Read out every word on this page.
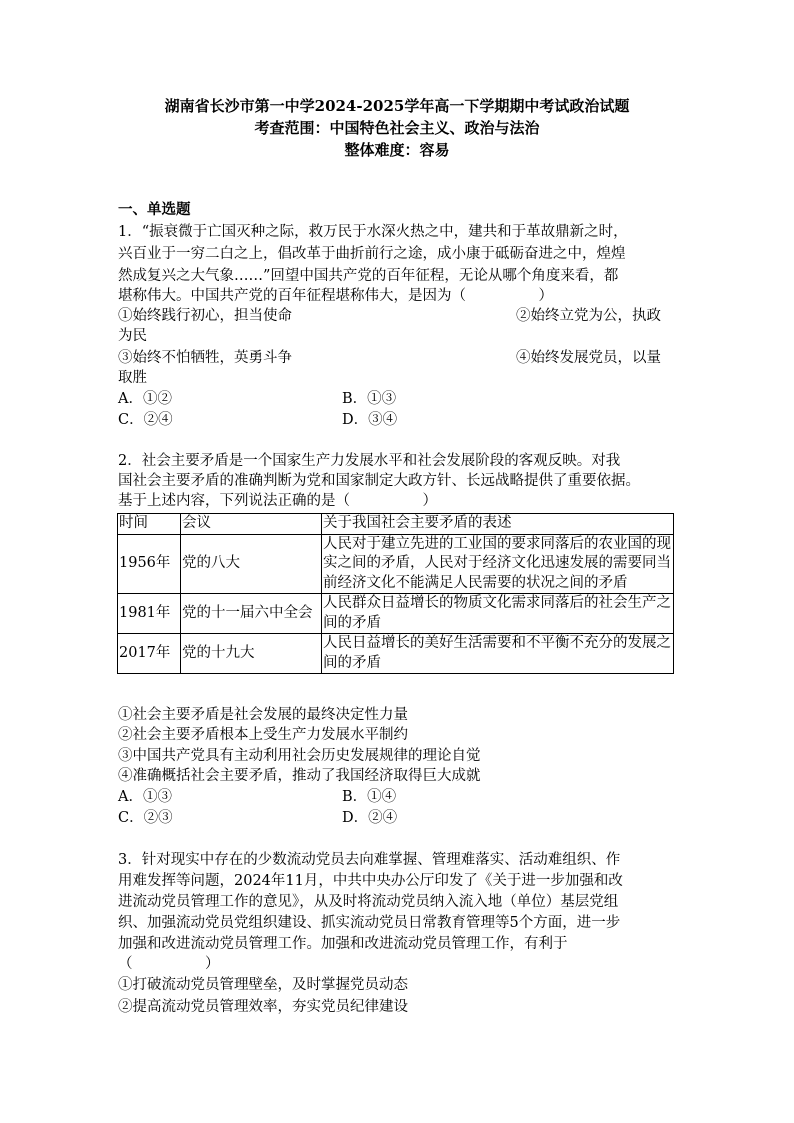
湖南省长沙市第一中学2024-2025学年高一下学期期中考试政治试题
考查范围：中国特色社会主义、政治与法治
整体难度：容易
一、单选题
1．“振衰微于亡国灭种之际，救万民于水深火热之中，建共和于革故鼎新之时，
兴百业于一穷二白之上，倡改革于曲折前行之途，成小康于砥砺奋进之中，煌煌
然成复兴之大气象……”回望中国共产党的百年征程，无论从哪个角度来看，都
堪称伟大。中国共产党的百年征程堪称伟大，是因为（　　　　　）
①始终践行初心，担当使命	②始终立党为公，执政
为民
③始终不怕牺牲，英勇斗争	④始终发展党员，以量
取胜
A．①②	B．①③
C．②④	D．③④
2．社会主要矛盾是一个国家生产力发展水平和社会发展阶段的客观反映。对我
国社会主要矛盾的准确判断为党和国家制定大政方针、长远战略提供了重要依据。
基于上述内容，下列说法正确的是（　　　　　）
时间	会议	关于我国社会主要矛盾的表述
1956年	党的八大	人民对于建立先进的工业国的要求同落后的农业国的现实之间的矛盾，人民对于经济文化迅速发展的需要同当前经济文化不能满足人民需要的状况之间的矛盾
1981年	党的十一届六中全会	人民群众日益增长的物质文化需求同落后的社会生产之间的矛盾
2017年	党的十九大	人民日益增长的美好生活需要和不平衡不充分的发展之间的矛盾
①社会主要矛盾是社会发展的最终决定性力量
②社会主要矛盾根本上受生产力发展水平制约
③中国共产党具有主动利用社会历史发展规律的理论自觉
④准确概括社会主要矛盾，推动了我国经济取得巨大成就
A．①③	B．①④
C．②③	D．②④
3．针对现实中存在的少数流动党员去向难掌握、管理难落实、活动难组织、作
用难发挥等问题，2024年11月，中共中央办公厅印发了《关于进一步加强和改
进流动党员管理工作的意见》，从及时将流动党员纳入流入地（单位）基层党组
织、加强流动党员党组织建设、抓实流动党员日常教育管理等5个方面，进一步
加强和改进流动党员管理工作。加强和改进流动党员管理工作，有利于
（　　　　　）
①打破流动党员管理壁垒，及时掌握党员动态
②提高流动党员管理效率，夯实党员纪律建设
